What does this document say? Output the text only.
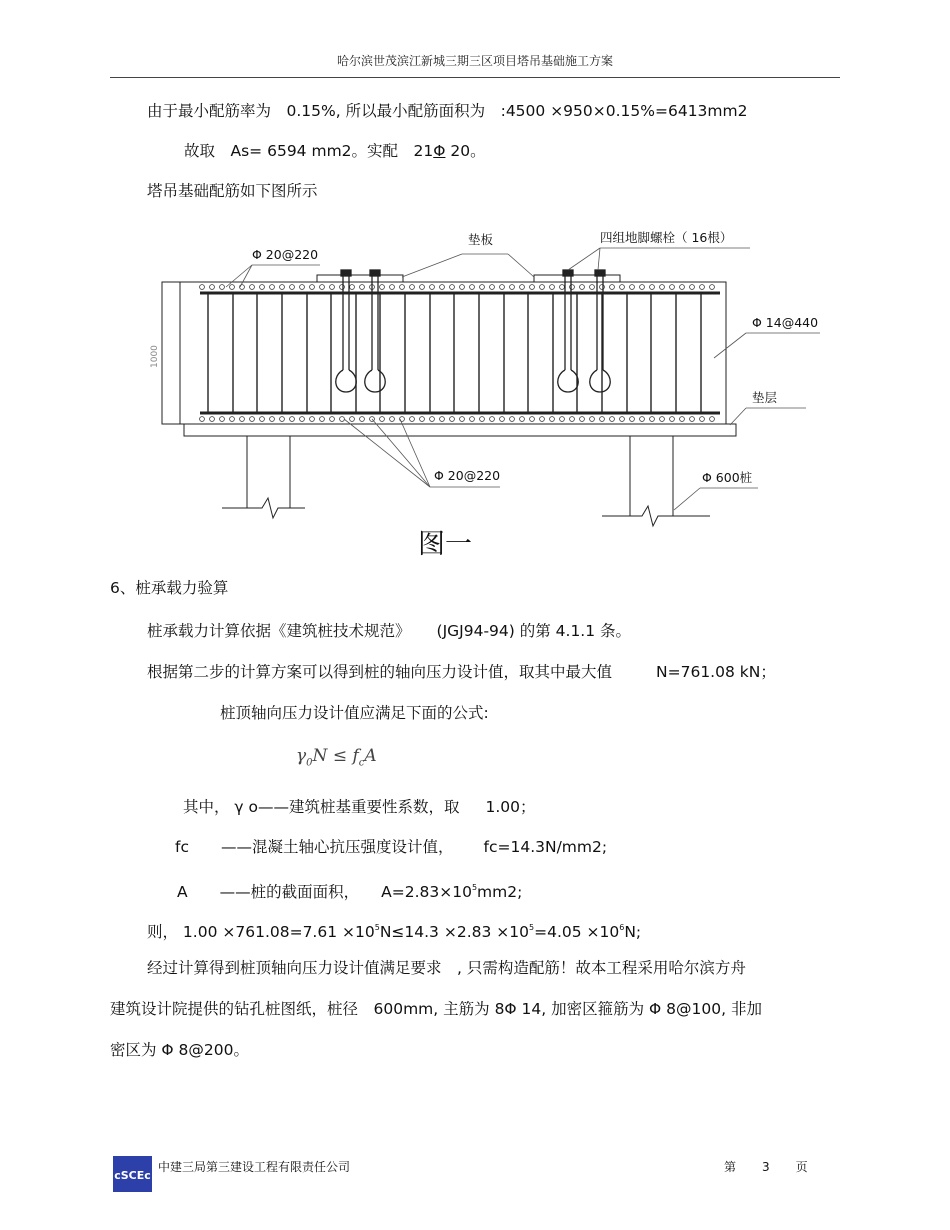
哈尔滨世茂滨江新城三期三区项目塔吊基础施工方案
由于最小配筋率为　0.15%, 所以最小配筋面积为　:4500 ×950×0.15%=6413mm2
故取　As= 6594 mm2。实配　21Φ 20。
塔吊基础配筋如下图所示
Φ 20@220
垫板	四组地脚螺栓（ 16根）
Φ 14@440
垫层
Φ 20@220	Φ 600桩
1000
图一
6、桩承载力验算
桩承载力计算依据《建筑桩技术规范》 (JGJ94-94) 的第 4.1.1 条。
根据第二步的计算方案可以得到桩的轴向压力设计值，取其中最大值	N=761.08 kN；
桩顶轴向压力设计值应满足下面的公式:
$\gamma_0N \le f_cA$
其中， γ o——建筑桩基重要性系数，取 1.00；
fc ——混凝土轴心抗压强度设计值， fc=14.3N/mm2;
A ——桩的截面面积， $A=2.83\times 10^5mm2$;
则， $1.00 \times 761.08=7.61 \times 10^5N\le 14.3 \times 2.83 \times 10^5=4.05 \times 10^6N$;
经过计算得到桩顶轴向压力设计值满足要求　, 只需构造配筋！故本工程采用哈尔滨方舟
建筑设计院提供的钻孔桩图纸，桩径　600mm, 主筋为 8Φ 14, 加密区箍筋为 Φ 8@100, 非加
密区为 Φ 8@200。
cSCEc
中建三局第三建设工程有限责任公司	第 3 页
